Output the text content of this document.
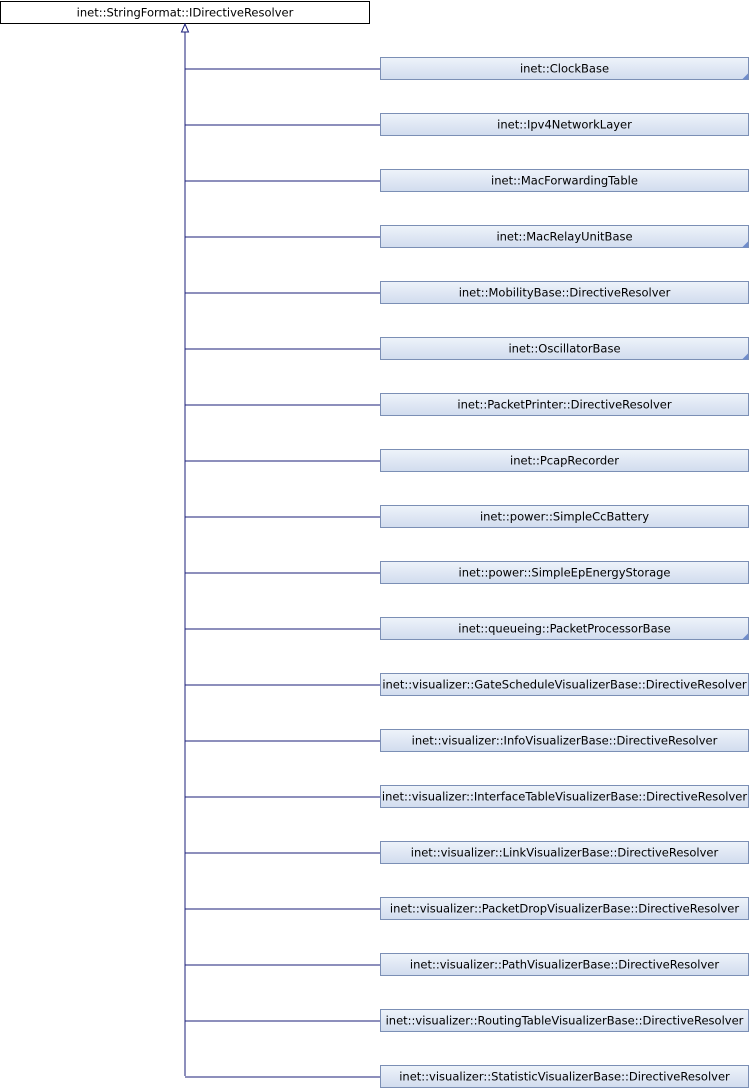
inet::StringFormat::IDirectiveResolver
inet::ClockBase
inet::Ipv4NetworkLayer
inet::MacForwardingTable
inet::MacRelayUnitBase
inet::MobilityBase::DirectiveResolver
inet::OscillatorBase
inet::PacketPrinter::DirectiveResolver
inet::PcapRecorder
inet::power::SimpleCcBattery
inet::power::SimpleEpEnergyStorage
inet::queueing::PacketProcessorBase
inet::visualizer::GateScheduleVisualizerBase::DirectiveResolver
inet::visualizer::InfoVisualizerBase::DirectiveResolver
inet::visualizer::InterfaceTableVisualizerBase::DirectiveResolver
inet::visualizer::LinkVisualizerBase::DirectiveResolver
inet::visualizer::PacketDropVisualizerBase::DirectiveResolver
inet::visualizer::PathVisualizerBase::DirectiveResolver
inet::visualizer::RoutingTableVisualizerBase::DirectiveResolver
inet::visualizer::StatisticVisualizerBase::DirectiveResolver
